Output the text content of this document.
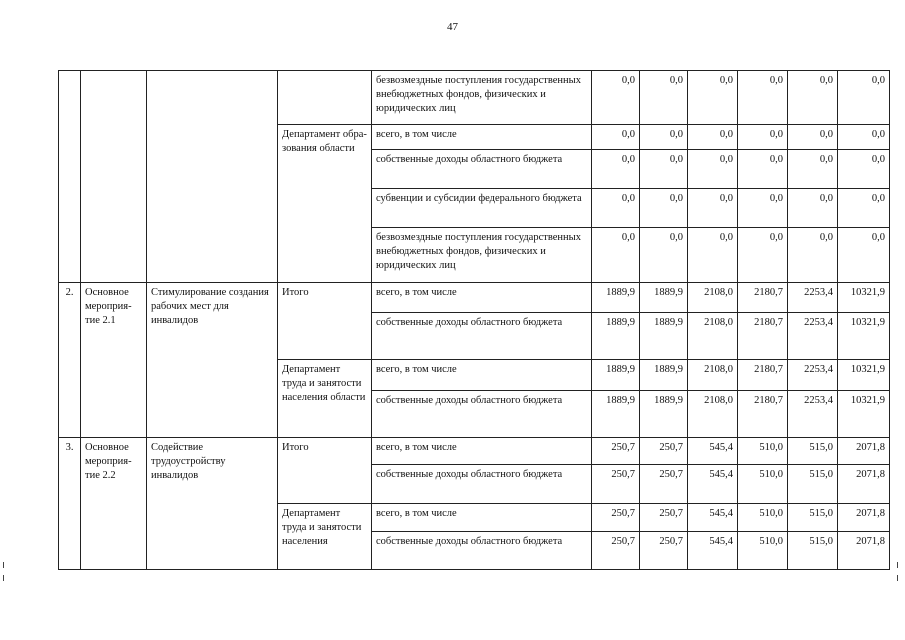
47
				безвозмездные поступления государственных внебюджетных фондов, физических и юридических лиц	0,0	0,0	0,0	0,0	0,0	0,0
			Департамент обра-зования области	всего, в том числе	0,0	0,0	0,0	0,0	0,0	0,0
				собственные доходы областного бюджета	0,0	0,0	0,0	0,0	0,0	0,0
				субвенции и субсидии федерального бюджета	0,0	0,0	0,0	0,0	0,0	0,0
				безвозмездные поступления государственных внебюджетных фондов, физических и юридических лиц	0,0	0,0	0,0	0,0	0,0	0,0
2.	Основное мероприя-тие 2.1	Стимулирование создания рабочих мест для инвалидов	Итого	всего, в том числе	1889,9	1889,9	2108,0	2180,7	2253,4	10321,9
				собственные доходы областного бюджета	1889,9	1889,9	2108,0	2180,7	2253,4	10321,9
			Департамент труда и занятости населения области	всего, в том числе	1889,9	1889,9	2108,0	2180,7	2253,4	10321,9
				собственные доходы областного бюджета	1889,9	1889,9	2108,0	2180,7	2253,4	10321,9
3.	Основное мероприя-тие 2.2	Содействие трудоустройству инвалидов	Итого	всего, в том числе	250,7	250,7	545,4	510,0	515,0	2071,8
				собственные доходы областного бюджета	250,7	250,7	545,4	510,0	515,0	2071,8
			Департамент труда и занятости населения	всего, в том числе	250,7	250,7	545,4	510,0	515,0	2071,8
				собственные доходы областного бюджета	250,7	250,7	545,4	510,0	515,0	2071,8
